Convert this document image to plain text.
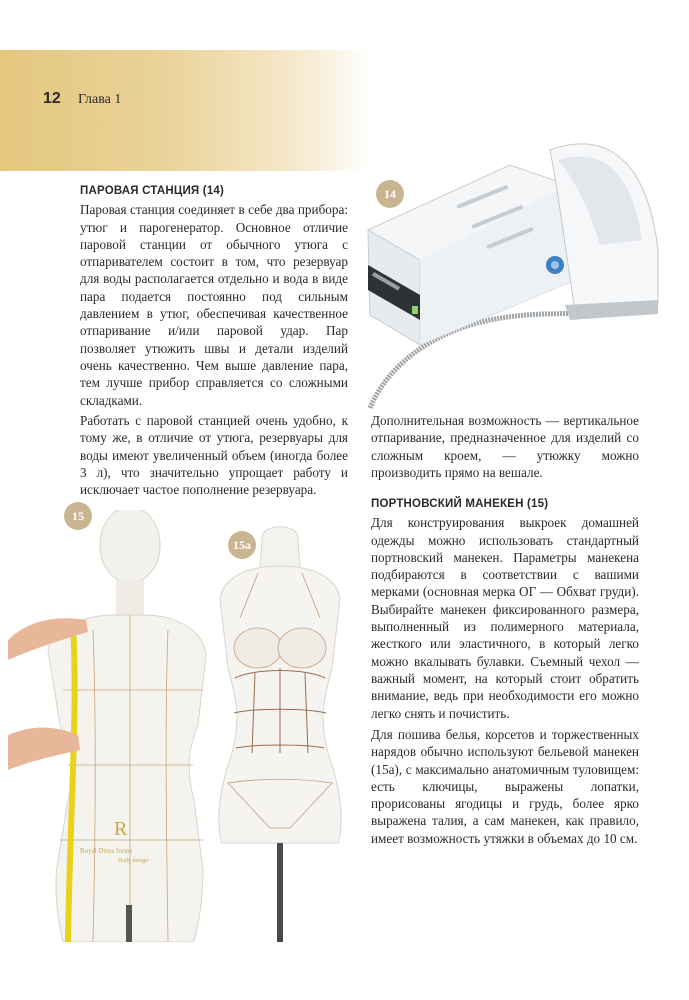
12 Глава 1
ПАРОВАЯ СТАНЦИЯ (14)

Паровая станция соединяет в себе два прибора: утюг и парогенератор. Основное отличие паровой станции от обычного утюга с отпаривателем состоит в том, что резервуар для воды располагается отдельно и вода в виде пара подается постоянно под сильным давлением в утюг, обеспечивая качественное отпаривание и/или паровой удар. Пар позволяет утюжить швы и детали изделий очень качественно. Чем выше давление пара, тем лучше прибор справляется со сложными складками.

Работать с паровой станцией очень удобно, к тому же, в отличие от утюга, резервуары для воды имеют увеличенный объем (иногда более 3 л), что значительно упрощает работу и исключает частое пополнение резервуара.

Дополнительная возможность — вертикальное отпаривание, предназначенное для изделий со сложным кроем, — утюжку можно производить прямо на вешале.

ПОРТНОВСКИЙ МАНЕКЕН (15)

Для конструирования выкроек домашней одежды можно использовать стандартный портновский манекен. Параметры манекена подбираются в соответствии с вашими мерками (основная мерка ОГ — Обхват груди). Выбирайте манекен фиксированного размера, выполненный из полимерного материала, жесткого или эластичного, в который легко можно вкалывать булавки. Съемный чехол — важный момент, на который стоит обратить внимание, ведь при необходимости его можно легко снять и почистить.

Для пошива белья, корсетов и торжественных нарядов обычно используют бельевой манекен (15а), с максимально анатомичным туловищем: есть ключицы, выражены лопатки, прорисованы ягодицы и грудь, более ярко выражена талия, а сам манекен, как правило, имеет возможность утяжки в объемах до 10 см.

14
15
R
Royal Dress forms
Body design
15а
